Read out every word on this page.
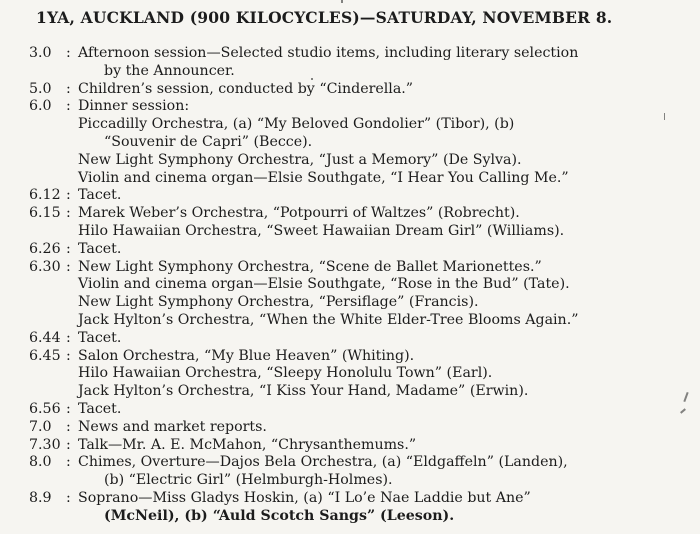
1YA, AUCKLAND (900 KILOCYCLES)—SATURDAY, NOVEMBER 8.
3.0	: Afternoon session—Selected studio items, including literary selection
by the Announcer.
5.0	: Children’s session, conducted by “Cinderella.”
6.0	: Dinner session:
Piccadilly Orchestra, (a) “My Beloved Gondolier” (Tibor), (b)
“Souvenir de Capri” (Becce).
New Light Symphony Orchestra, “Just a Memory” (De Sylva).
Violin and cinema organ—Elsie Southgate, “I Hear You Calling Me.”
6.12 : Tacet.
6.15 : Marek Weber’s Orchestra, “Potpourri of Waltzes” (Robrecht).
Hilo Hawaiian Orchestra, “Sweet Hawaiian Dream Girl” (Williams).
6.26 : Tacet.
6.30 : New Light Symphony Orchestra, “Scene de Ballet Marionettes.”
Violin and cinema organ—Elsie Southgate, “Rose in the Bud” (Tate).
New Light Symphony Orchestra, “Persiflage” (Francis).
Jack Hylton’s Orchestra, “When the White Elder-Tree Blooms Again.”
6.44 : Tacet.
6.45 : Salon Orchestra, “My Blue Heaven” (Whiting).
Hilo Hawaiian Orchestra, “Sleepy Honolulu Town” (Earl).
Jack Hylton’s Orchestra, “I Kiss Your Hand, Madame” (Erwin).
6.56 : Tacet.
7.0	: News and market reports.
7.30 : Talk—Mr. A. E. McMahon, “Chrysanthemums.”
8.0	: Chimes, Overture—Dajos Bela Orchestra, (a) “Eldgaffeln” (Landen),
(b) “Electric Girl” (Helmburgh-Holmes).
8.9	: Soprano—Miss Gladys Hoskin, (a) “I Lo’e Nae Laddie but Ane”
(McNeil), (b) “Auld Scotch Sangs” (Leeson).
